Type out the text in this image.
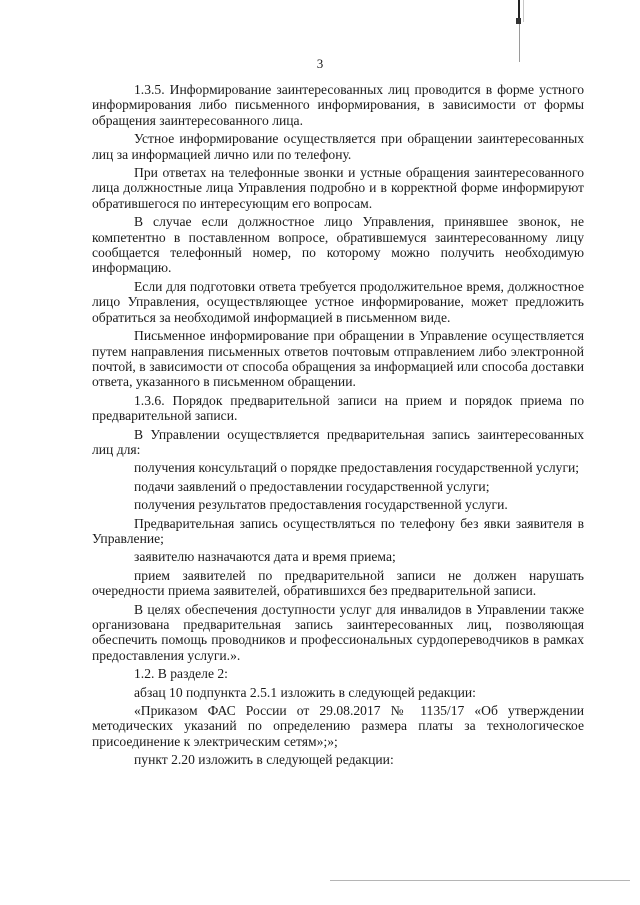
3

1.3.5. Информирование заинтересованных лиц проводится в форме устного информирования либо письменного информирования, в зависимости от формы обращения заинтересованного лица.

Устное информирование осуществляется при обращении заинтересованных лиц за информацией лично или по телефону.

При ответах на телефонные звонки и устные обращения заинтересованного лица должностные лица Управления подробно и в корректной форме информируют обратившегося по интересующим его вопросам.

В случае если должностное лицо Управления, принявшее звонок, не компетентно в поставленном вопросе, обратившемуся заинтересованному лицу сообщается телефонный номер, по которому можно получить необходимую информацию.

Если для подготовки ответа требуется продолжительное время, должностное лицо Управления, осуществляющее устное информирование, может предложить обратиться за необходимой информацией в письменном виде.

Письменное информирование при обращении в Управление осуществляется путем направления письменных ответов почтовым отправлением либо электронной почтой, в зависимости от способа обращения за информацией или способа доставки ответа, указанного в письменном обращении.

1.3.6. Порядок предварительной записи на прием и порядок приема по предварительной записи.

В Управлении осуществляется предварительная запись заинтересованных лиц для:

получения консультаций о порядке предоставления государственной услуги;

подачи заявлений о предоставлении государственной услуги;

получения результатов предоставления государственной услуги.

Предварительная запись осуществляться по телефону без явки заявителя в Управление;

заявителю назначаются дата и время приема;

прием заявителей по предварительной записи не должен нарушать очередности приема заявителей, обратившихся без предварительной записи.

В целях обеспечения доступности услуг для инвалидов в Управлении также организована предварительная запись заинтересованных лиц, позволяющая обеспечить помощь проводников и профессиональных сурдопереводчиков в рамках предоставления услуги.».

1.2. В разделе 2:

абзац 10 подпункта 2.5.1 изложить в следующей редакции:

«Приказом ФАС России от 29.08.2017 № 1135/17 «Об утверждении методических указаний по определению размера платы за технологическое присоединение к электрическим сетям»;»;

пункт 2.20 изложить в следующей редакции:
